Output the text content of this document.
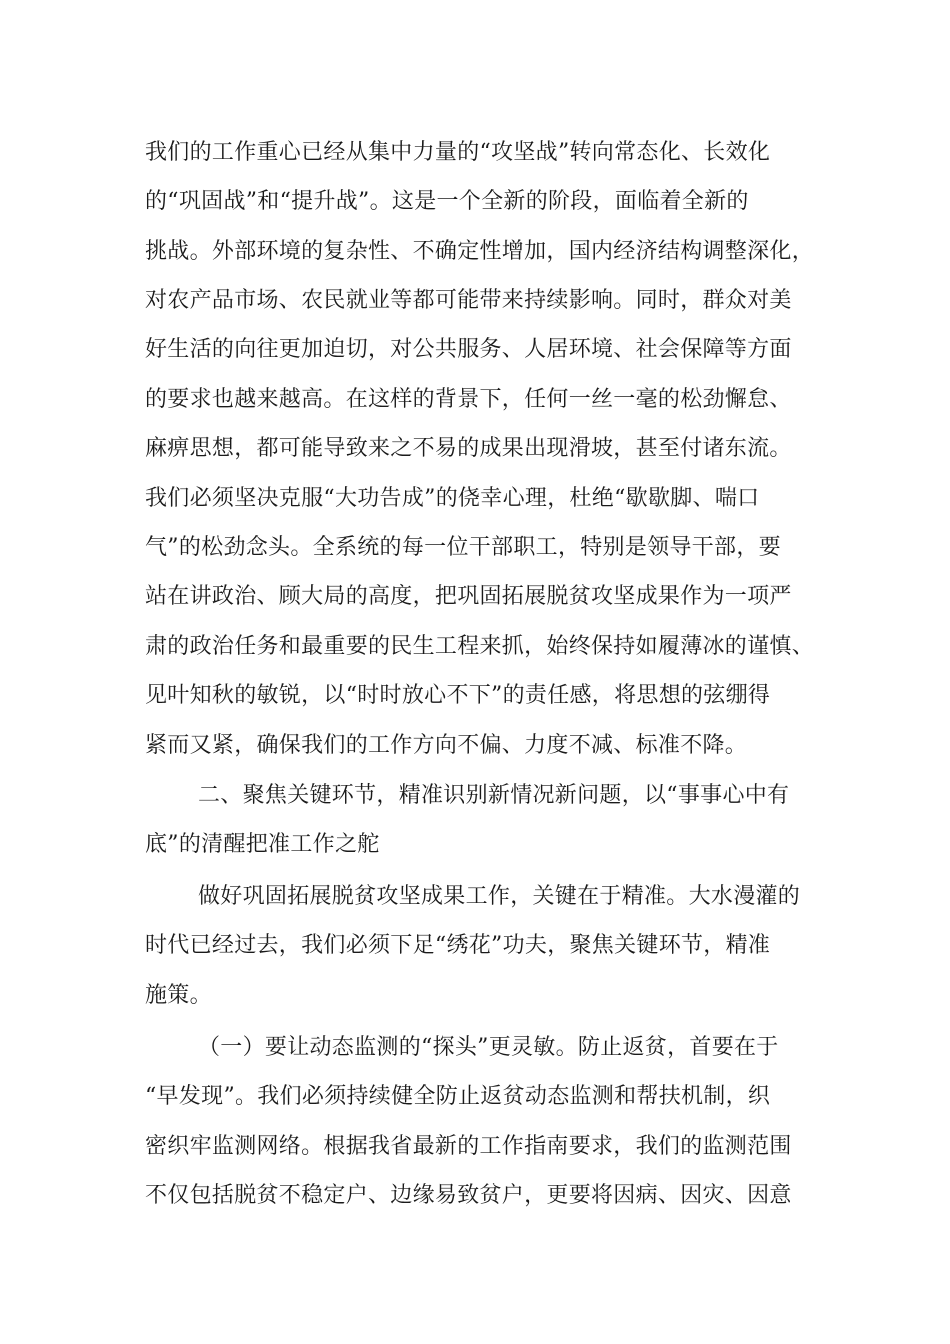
我们的工作重心已经从集中力量的“攻坚战”转向常态化、长效化
的“巩固战”和“提升战”。这是一个全新的阶段，面临着全新的
挑战。外部环境的复杂性、不确定性增加，国内经济结构调整深化，
对农产品市场、农民就业等都可能带来持续影响。同时，群众对美
好生活的向往更加迫切，对公共服务、人居环境、社会保障等方面
的要求也越来越高。在这样的背景下，任何一丝一毫的松劲懈怠、
麻痹思想，都可能导致来之不易的成果出现滑坡，甚至付诸东流。
我们必须坚决克服“大功告成”的侥幸心理，杜绝“歇歇脚、喘口
气”的松劲念头。全系统的每一位干部职工，特别是领导干部，要
站在讲政治、顾大局的高度，把巩固拓展脱贫攻坚成果作为一项严
肃的政治任务和最重要的民生工程来抓，始终保持如履薄冰的谨慎、
见叶知秋的敏锐，以“时时放心不下”的责任感，将思想的弦绷得
紧而又紧，确保我们的工作方向不偏、力度不减、标准不降。
二、聚焦关键环节，精准识别新情况新问题，以“事事心中有
底”的清醒把准工作之舵
做好巩固拓展脱贫攻坚成果工作，关键在于精准。大水漫灌的
时代已经过去，我们必须下足“绣花”功夫，聚焦关键环节，精准
施策。
（一）要让动态监测的“探头”更灵敏。防止返贫，首要在于
“早发现”。我们必须持续健全防止返贫动态监测和帮扶机制，织
密织牢监测网络。根据我省最新的工作指南要求，我们的监测范围
不仅包括脱贫不稳定户、边缘易致贫户，更要将因病、因灾、因意
